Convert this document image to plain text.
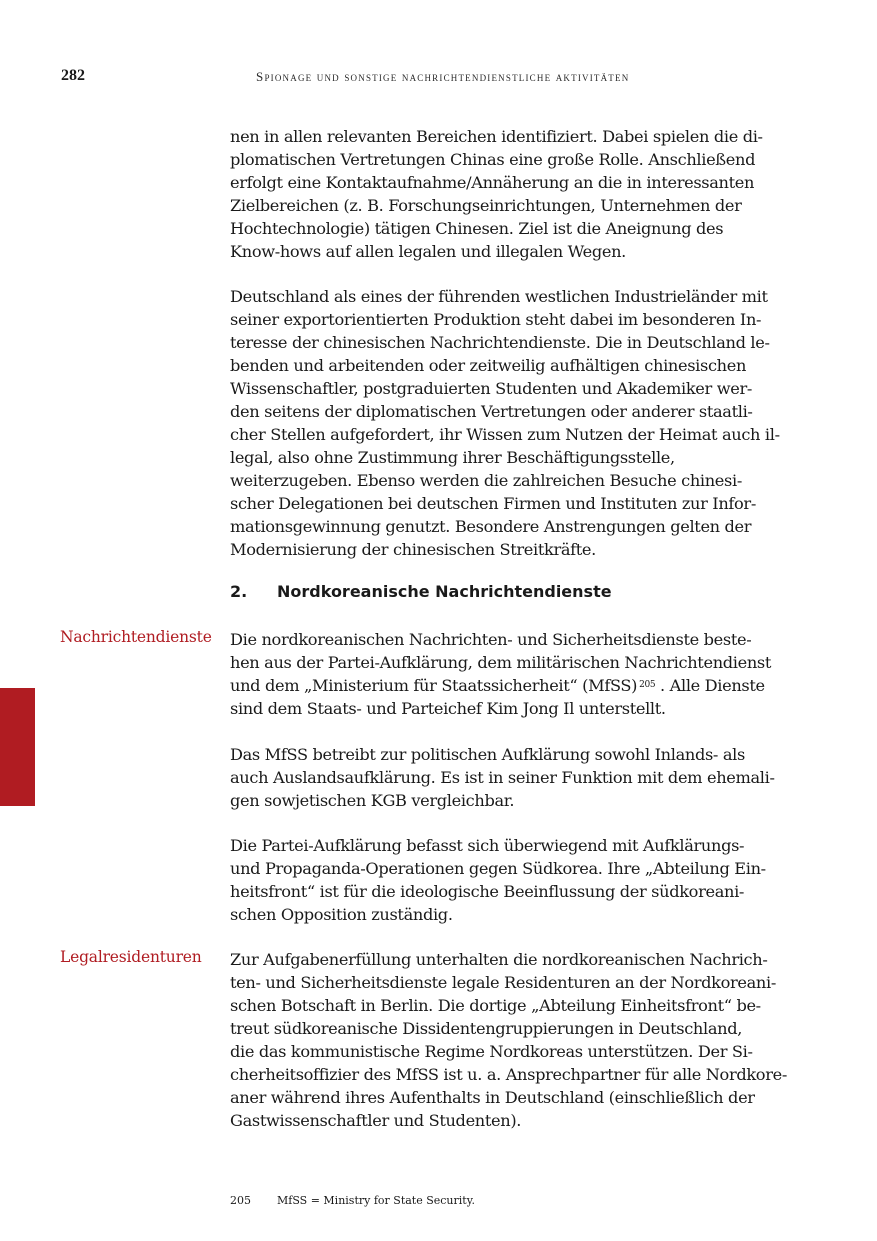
282	spionage und sonstige nachrichtendienstliche aktivitäten
nen in allen relevanten Bereichen identifiziert. Dabei spielen die di-
plomatischen Vertretungen Chinas eine große Rolle. Anschließend
erfolgt eine Kontaktaufnahme/Annäherung an die in interessanten
Zielbereichen (z. B. Forschungseinrichtungen, Unternehmen der
Hochtechnologie) tätigen Chinesen. Ziel ist die Aneignung des
Know-hows auf allen legalen und illegalen Wegen.
Deutschland als eines der führenden westlichen Industrieländer mit
seiner exportorientierten Produktion steht dabei im besonderen In-
teresse der chinesischen Nachrichtendienste. Die in Deutschland le-
benden und arbeitenden oder zeitweilig aufhältigen chinesischen
Wissenschaftler, postgraduierten Studenten und Akademiker wer-
den seitens der diplomatischen Vertretungen oder anderer staatli-
cher Stellen aufgefordert, ihr Wissen zum Nutzen der Heimat auch il-
legal, also ohne Zustimmung ihrer Beschäftigungsstelle,
weiterzugeben. Ebenso werden die zahlreichen Besuche chinesi-
scher Delegationen bei deutschen Firmen und Instituten zur Infor-
mationsgewinnung genutzt. Besondere Anstrengungen gelten der
Modernisierung der chinesischen Streitkräfte.
2. Nordkoreanische Nachrichtendienste
Nachrichtendienste Die nordkoreanischen Nachrichten- und Sicherheitsdienste beste-
hen aus der Partei-Aufklärung, dem militärischen Nachrichtendienst
und dem „Ministerium für Staatssicherheit“ (MfSS) $^{205}$ . Alle Dienste
sind dem Staats- und Parteichef Kim Jong Il unterstellt.
Das MfSS betreibt zur politischen Aufklärung sowohl Inlands- als
auch Auslandsaufklärung. Es ist in seiner Funktion mit dem ehemali-
gen sowjetischen KGB vergleichbar.
Die Partei-Aufklärung befasst sich überwiegend mit Aufklärungs-
und Propaganda-Operationen gegen Südkorea. Ihre „Abteilung Ein-
heitsfront“ ist für die ideologische Beeinflussung der südkoreani-
schen Opposition zuständig.
Legalresidenturen Zur Aufgabenerfüllung unterhalten die nordkoreanischen Nachrich-
ten- und Sicherheitsdienste legale Residenturen an der Nordkoreani-
schen Botschaft in Berlin. Die dortige „Abteilung Einheitsfront“ be-
treut südkoreanische Dissidentengruppierungen in Deutschland,
die das kommunistische Regime Nordkoreas unterstützen. Der Si-
cherheitsoffizier des MfSS ist u. a. Ansprechpartner für alle Nordkore-
aner während ihres Aufenthalts in Deutschland (einschließlich der
Gastwissenschaftler und Studenten).
205 MfSS = Ministry for State Security.
